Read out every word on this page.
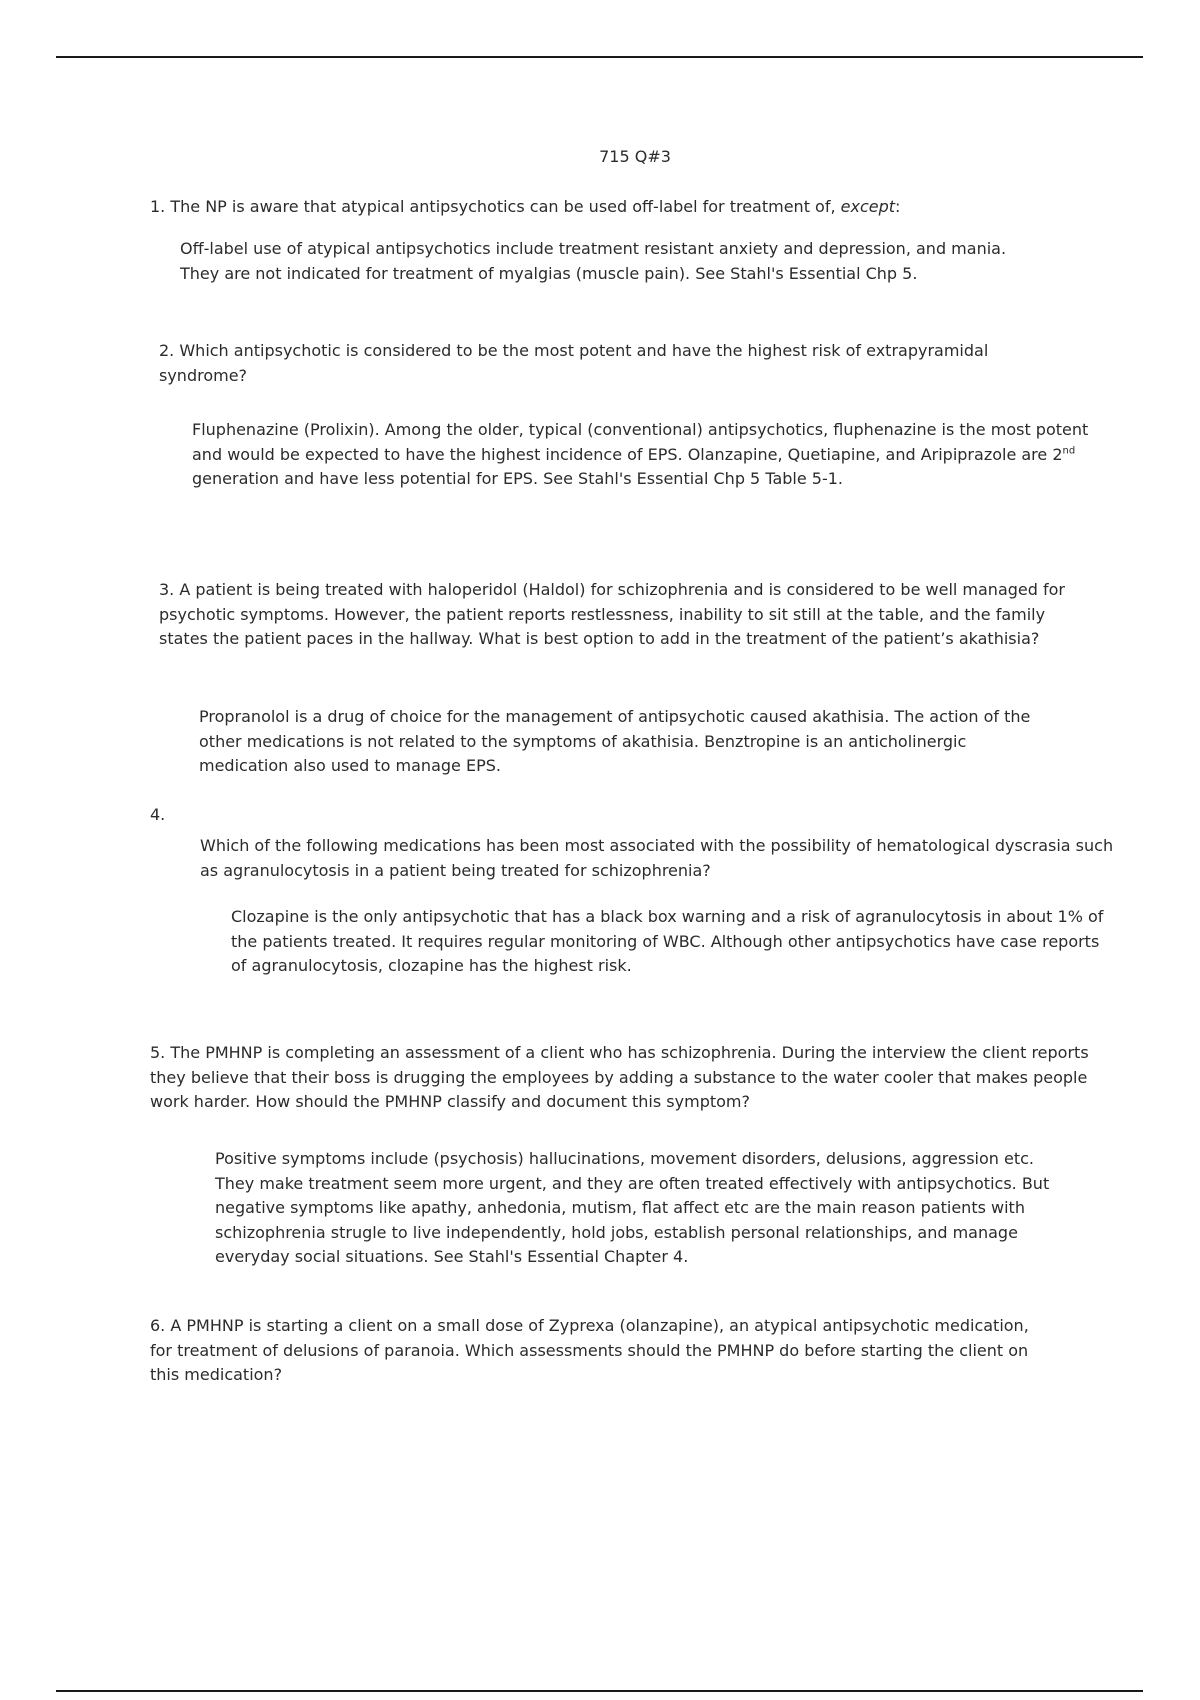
715 Q#3

1. The NP is aware that atypical antipsychotics can be used off-label for treatment of, except:

Off-label use of atypical antipsychotics include treatment resistant anxiety and depression, and mania. They are not indicated for treatment of myalgias (muscle pain). See Stahl's Essential Chp 5.

2. Which antipsychotic is considered to be the most potent and have the highest risk of extrapyramidal syndrome?

Fluphenazine (Prolixin). Among the older, typical (conventional) antipsychotics, fluphenazine is the most potent and would be expected to have the highest incidence of EPS. Olanzapine, Quetiapine, and Aripiprazole are 2nd generation and have less potential for EPS. See Stahl's Essential Chp 5 Table 5-1.

3. A patient is being treated with haloperidol (Haldol) for schizophrenia and is considered to be well managed for psychotic symptoms. However, the patient reports restlessness, inability to sit still at the table, and the family states the patient paces in the hallway. What is best option to add in the treatment of the patient’s akathisia?

Propranolol is a drug of choice for the management of antipsychotic caused akathisia. The action of the other medications is not related to the symptoms of akathisia. Benztropine is an anticholinergic medication also used to manage EPS.

4.

Which of the following medications has been most associated with the possibility of hematological dyscrasia such as agranulocytosis in a patient being treated for schizophrenia?

Clozapine is the only antipsychotic that has a black box warning and a risk of agranulocytosis in about 1% of the patients treated. It requires regular monitoring of WBC. Although other antipsychotics have case reports of agranulocytosis, clozapine has the highest risk.

5. The PMHNP is completing an assessment of a client who has schizophrenia. During the interview the client reports they believe that their boss is drugging the employees by adding a substance to the water cooler that makes people work harder. How should the PMHNP classify and document this symptom?

Positive symptoms include (psychosis) hallucinations, movement disorders, delusions, aggression etc. They make treatment seem more urgent, and they are often treated effectively with antipsychotics. But negative symptoms like apathy, anhedonia, mutism, flat affect etc are the main reason patients with schizophrenia strugle to live independently, hold jobs, establish personal relationships, and manage everyday social situations. See Stahl's Essential Chapter 4.

6. A PMHNP is starting a client on a small dose of Zyprexa (olanzapine), an atypical antipsychotic medication, for treatment of delusions of paranoia. Which assessments should the PMHNP do before starting the client on this medication?
